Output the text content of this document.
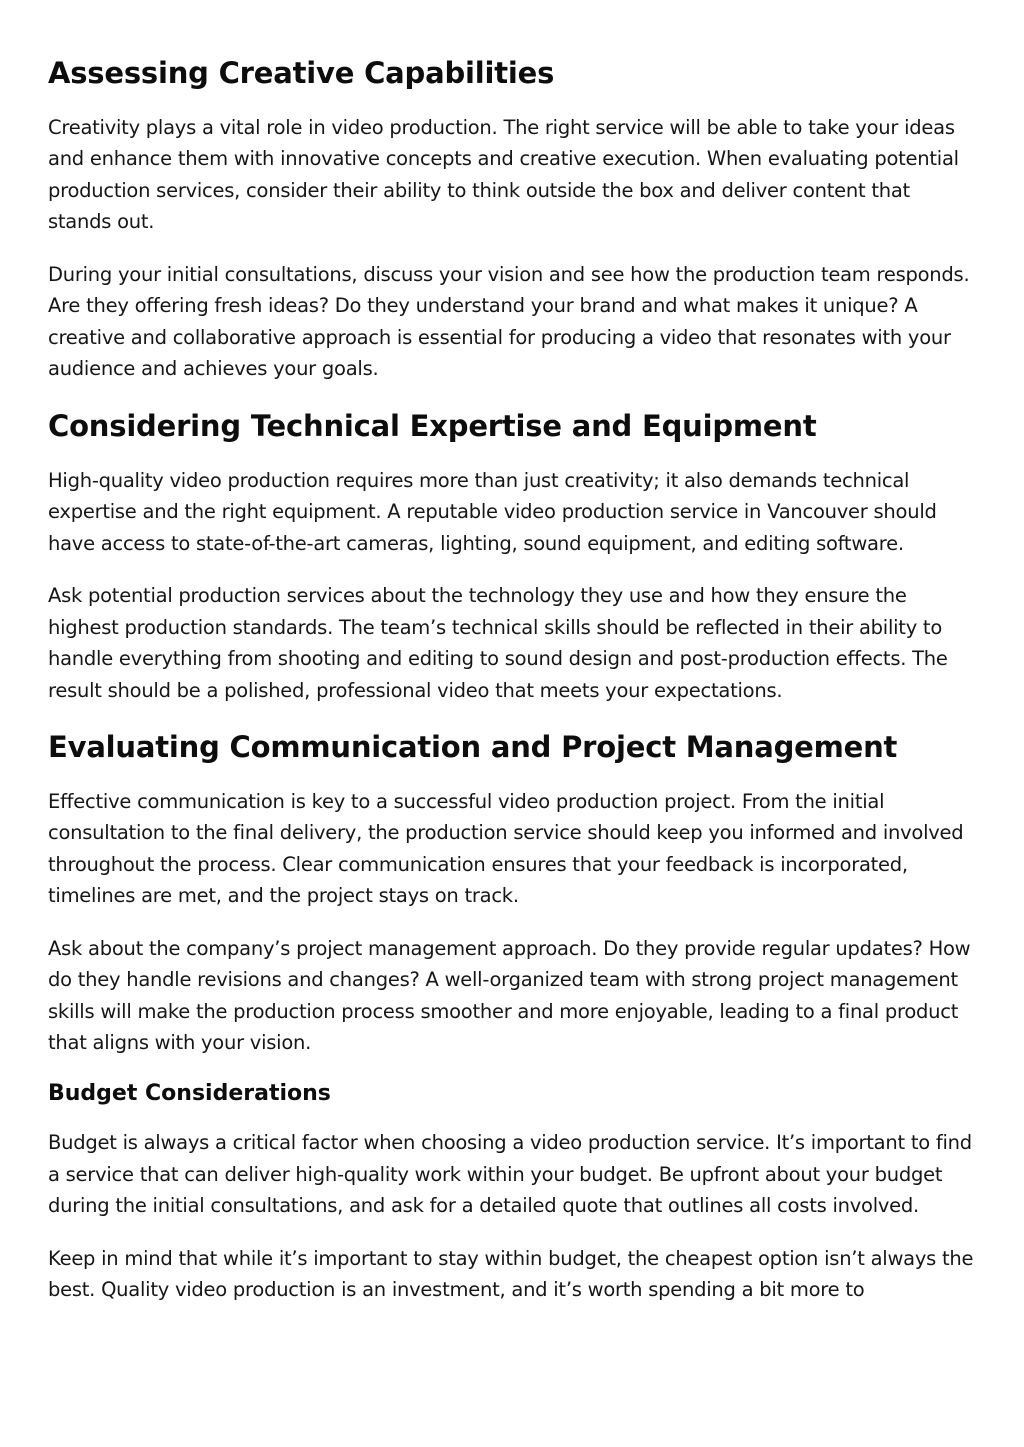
Assessing Creative Capabilities

Creativity plays a vital role in video production. The right service will be able to take your ideas and enhance them with innovative concepts and creative execution. When evaluating potential production services, consider their ability to think outside the box and deliver content that stands out.

During your initial consultations, discuss your vision and see how the production team responds. Are they offering fresh ideas? Do they understand your brand and what makes it unique? A creative and collaborative approach is essential for producing a video that resonates with your audience and achieves your goals.

Considering Technical Expertise and Equipment

High-quality video production requires more than just creativity; it also demands technical expertise and the right equipment. A reputable video production service in Vancouver should have access to state-of-the-art cameras, lighting, sound equipment, and editing software.

Ask potential production services about the technology they use and how they ensure the highest production standards. The team’s technical skills should be reflected in their ability to handle everything from shooting and editing to sound design and post-production effects. The result should be a polished, professional video that meets your expectations.

Evaluating Communication and Project Management

Effective communication is key to a successful video production project. From the initial consultation to the final delivery, the production service should keep you informed and involved throughout the process. Clear communication ensures that your feedback is incorporated, timelines are met, and the project stays on track.

Ask about the company’s project management approach. Do they provide regular updates? How do they handle revisions and changes? A well-organized team with strong project management skills will make the production process smoother and more enjoyable, leading to a final product that aligns with your vision.

Budget Considerations

Budget is always a critical factor when choosing a video production service. It’s important to find a service that can deliver high-quality work within your budget. Be upfront about your budget during the initial consultations, and ask for a detailed quote that outlines all costs involved.

Keep in mind that while it’s important to stay within budget, the cheapest option isn’t always the best. Quality video production is an investment, and it’s worth spending a bit more to
